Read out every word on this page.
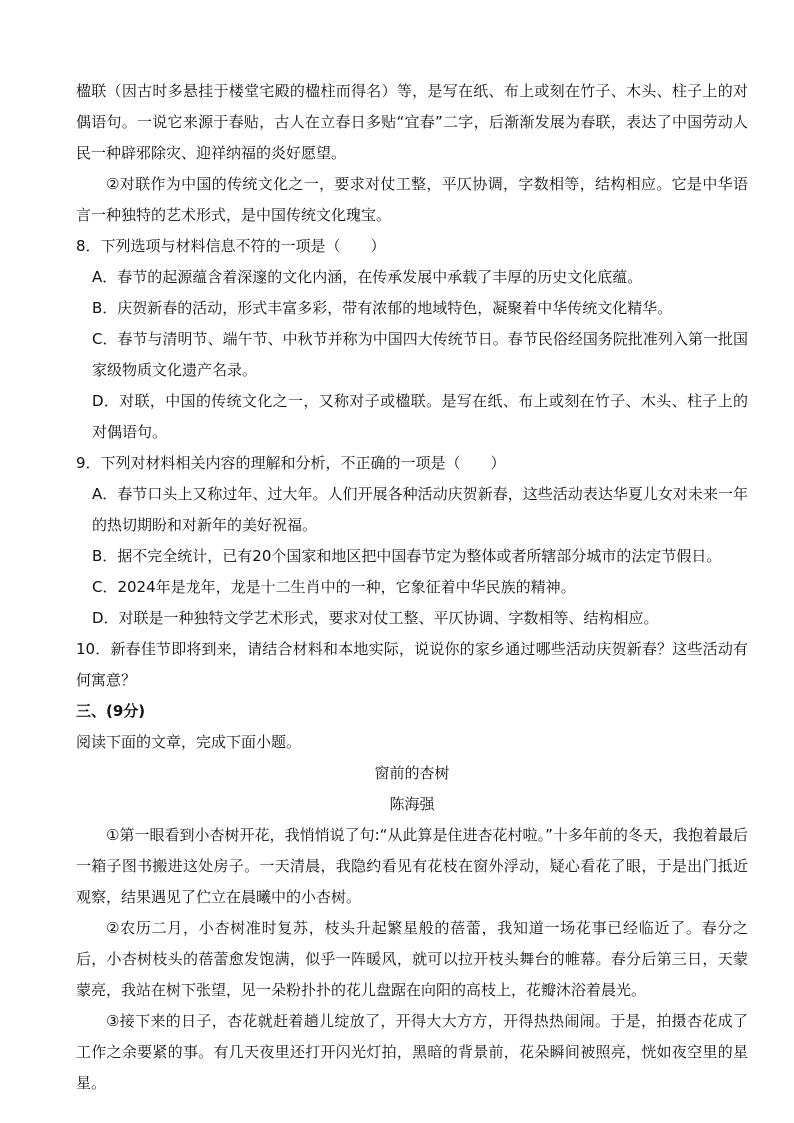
楹联（因古时多悬挂于楼堂宅殿的楹柱而得名）等，是写在纸、布上或刻在竹子、木头、柱子上的对偶语句。一说它来源于春贴，古人在立春日多贴“宜春”二字，后渐渐发展为春联，表达了中国劳动人民一种辟邪除灾、迎祥纳福的炎好愿望。

②对联作为中国的传统文化之一，要求对仗工整，平仄协调，字数相等，结构相应。它是中华语言一种独特的艺术形式，是中国传统文化瑰宝。

8．下列选项与材料信息不符的一项是（　　）

A．春节的起源蕴含着深邃的文化内涵，在传承发展中承载了丰厚的历史文化底蕴。

B．庆贺新春的活动，形式丰富多彩，带有浓郁的地域特色，凝聚着中华传统文化精华。

C．春节与清明节、端午节、中秋节并称为中国四大传统节日。春节民俗经国务院批准列入第一批国家级物质文化遗产名录。

D．对联，中国的传统文化之一，又称对子或楹联。是写在纸、布上或刻在竹子、木头、柱子上的对偶语句。

9．下列对材料相关内容的理解和分析，不正确的一项是（　　）

A．春节口头上又称过年、过大年。人们开展各种活动庆贺新春，这些活动表达华夏儿女对未来一年的热切期盼和对新年的美好祝福。

B．据不完全统计，已有20个国家和地区把中国春节定为整体或者所辖部分城市的法定节假日。

C．2024年是龙年，龙是十二生肖中的一种，它象征着中华民族的精神。

D．对联是一种独特文学艺术形式，要求对仗工整、平仄协调、字数相等、结构相应。

10．新春佳节即将到来，请结合材料和本地实际，说说你的家乡通过哪些活动庆贺新春？这些活动有何寓意？

三、(9分)

阅读下面的文章，完成下面小题。

窗前的杏树

陈海强

①第一眼看到小杏树开花，我悄悄说了句:“从此算是住进杏花村啦。”十多年前的冬天，我抱着最后一箱子图书搬进这处房子。一天清晨，我隐约看见有花枝在窗外浮动，疑心看花了眼，于是出门抵近观察，结果遇见了伫立在晨曦中的小杏树。

②农历二月，小杏树准时复苏，枝头升起繁星般的蓓蕾，我知道一场花事已经临近了。春分之后，小杏树枝头的蓓蕾愈发饱满，似乎一阵暖风，就可以拉开枝头舞台的帷幕。春分后第三日，天蒙蒙亮，我站在树下张望，见一朵粉扑扑的花儿盘踞在向阳的高枝上，花瓣沐浴着晨光。

③接下来的日子，杏花就赶着趟儿绽放了，开得大大方方，开得热热闹闹。于是，拍摄杏花成了工作之余要紧的事。有几天夜里还打开闪光灯拍，黑暗的背景前，花朵瞬间被照亮，恍如夜空里的星星。
